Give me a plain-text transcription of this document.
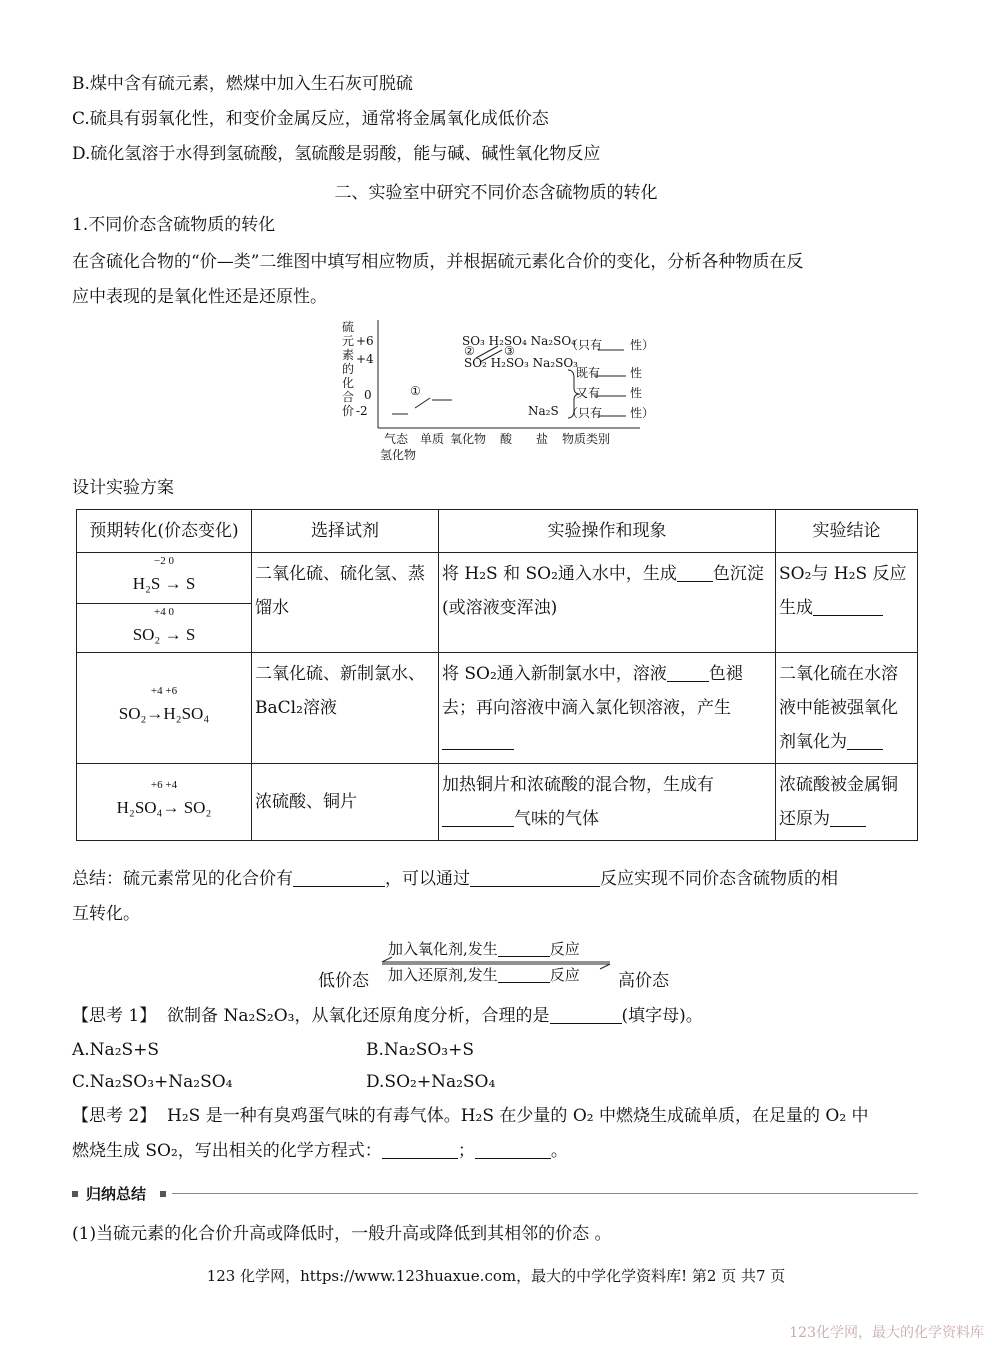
B.煤中含有硫元素，燃煤中加入生石灰可脱硫
C.硫具有弱氧化性，和变价金属反应，通常将金属氧化成低价态
D.硫化氢溶于水得到氢硫酸，氢硫酸是弱酸，能与碱、碱性氧化物反应
二、实验室中研究不同价态含硫物质的转化
1.不同价态含硫物质的转化
在含硫化合物的“价—类”二维图中填写相应物质，并根据硫元素化合价的变化，分析各种物质在反
应中表现的是氧化性还是还原性。
硫 元 素 的 化 合 价
+6
+4
0
-2
SO₃ H₂SO₄ Na₂SO₄
SO₂ H₂SO₃ Na₂SO₃
Na₂S
①
② ③	（只有 性）
既有	性
又有	性
（只有 性）
气态 单质 氧化物 酸 盐 物质类别
氢化物
设计实验方案
预期转化(价态变化)	选择试剂	实验操作和现象	实验结论

−2 0
H₂S → S
+4 0
SO₂ → S	二氧化硫、硫化氢、蒸馏水	将 H₂S 和 SO₂通入水中，生成 色沉淀(或溶液变浑浊)	SO₂与 H₂S 反应生成

+4 +6
SO₂→H₂SO₄	二氧化硫、新制氯水、
BaCl₂溶液	将 SO₂通入新制氯水中，溶液 色褪去；再向溶液中滴入氯化钡溶液，产生	二氧化硫在水溶液中能被强氧化剂氧化为

+6 +4
H₂SO₄→ SO₂	浓硫酸、铜片	加热铜片和浓硫酸的混合物，生成有
气味的气体	浓硫酸被金属铜还原为
总结：硫元素常见的化合价有	，可以通过	反应实现不同价态含硫物质的相
互转化。
加入氧化剂,发生	反应
加入还原剂,发生	反应
低价态	高价态
【思考 1】 欲制备 Na₂S₂O₃，从氧化还原角度分析，合理的是	(填字母)。
A.Na₂S+S	B.Na₂SO₃+S
C.Na₂SO₃+Na₂SO₄	D.SO₂+Na₂SO₄
【思考 2】 H₂S 是一种有臭鸡蛋气味的有毒气体。H₂S 在少量的 O₂ 中燃烧生成硫单质，在足量的 O₂ 中
燃烧生成 SO₂，写出相关的化学方程式：	；	。
归纳总结
(1)当硫元素的化合价升高或降低时，一般升高或降低到其相邻的价态 。
123 化学网，https://www.123huaxue.com，最大的中学化学资料库! 第2 页 共7 页
123化学网，最大的化学资料库
